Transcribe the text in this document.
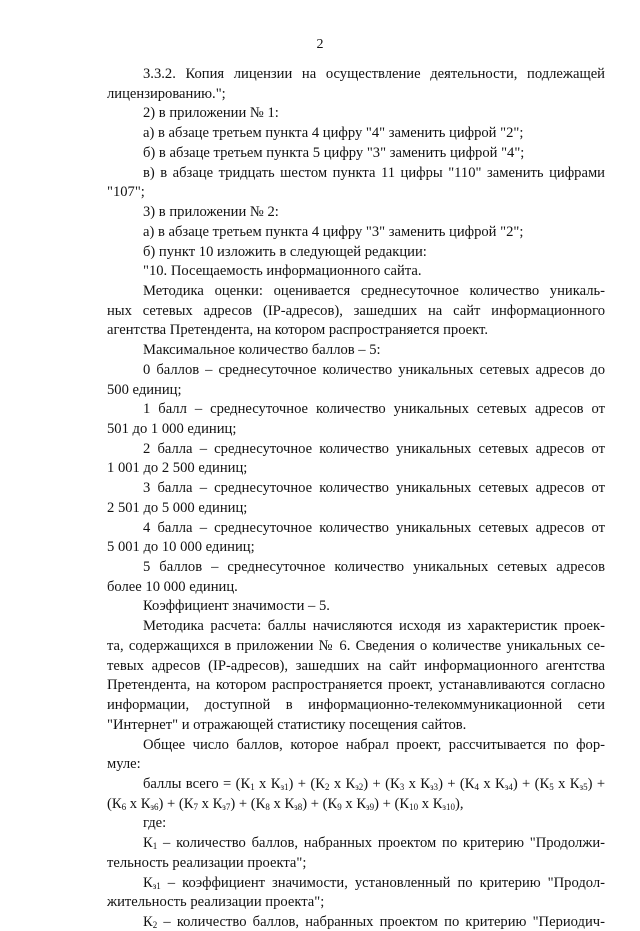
2
3.3.2. Копия лицензии на осуществление деятельности, подлежащей
лицензированию.";
2) в приложении № 1:
а) в абзаце третьем пункта 4 цифру "4" заменить цифрой "2";
б) в абзаце третьем пункта 5 цифру "3" заменить цифрой "4";
в) в абзаце тридцать шестом пункта 11 цифры "110" заменить цифрами
"107";
3) в приложении № 2:
а) в абзаце третьем пункта 4 цифру "3" заменить цифрой "2";
б) пункт 10 изложить в следующей редакции:
"10. Посещаемость информационного сайта.
Методика оценки: оценивается среднесуточное количество уникаль-
ных сетевых адресов (IP-адресов), зашедших на сайт информационного
агентства Претендента, на котором распространяется проект.
Максимальное количество баллов – 5:
0 баллов – среднесуточное количество уникальных сетевых адресов до
500 единиц;
1 балл – среднесуточное количество уникальных сетевых адресов от
501 до 1 000 единиц;
2 балла – среднесуточное количество уникальных сетевых адресов от
1 001 до 2 500 единиц;
3 балла – среднесуточное количество уникальных сетевых адресов от
2 501 до 5 000 единиц;
4 балла – среднесуточное количество уникальных сетевых адресов от
5 001 до 10 000 единиц;
5 баллов – среднесуточное количество уникальных сетевых адресов
более 10 000 единиц.
Коэффициент значимости – 5.
Методика расчета: баллы начисляются исходя из характеристик проек-
та, содержащихся в приложении № 6. Сведения о количестве уникальных се-
тевых адресов (IP-адресов), зашедших на сайт информационного агентства
Претендента, на котором распространяется проект, устанавливаются согласно
информации, доступной в информационно-телекоммуникационной сети
"Интернет" и отражающей статистику посещения сайтов.
Общее число баллов, которое набрал проект, рассчитывается по фор-
муле:
баллы всего = ($К_1$ х $К_{з1}) + (К_2$ х $К_{з2}) + (К_3$ х $К_{з3}) + (К_4$ х $К_{з4}) + (К_5$ х $К_{з5}$) +
($К_6$ х $К_{з6}) + (К_7$ х $К_{з7}) + (К_8$ х $К_{з8}) + (К_9$ х $К_{з9}) + (К_{10}$ х $К_{з10}$),
где:
$К_1$ – количество баллов, набранных проектом по критерию "Продолжи-
тельность реализации проекта";
$К_{з1}$ – коэффициент значимости, установленный по критерию "Продол-
жительность реализации проекта";
$К_2$ – количество баллов, набранных проектом по критерию "Периодич-
